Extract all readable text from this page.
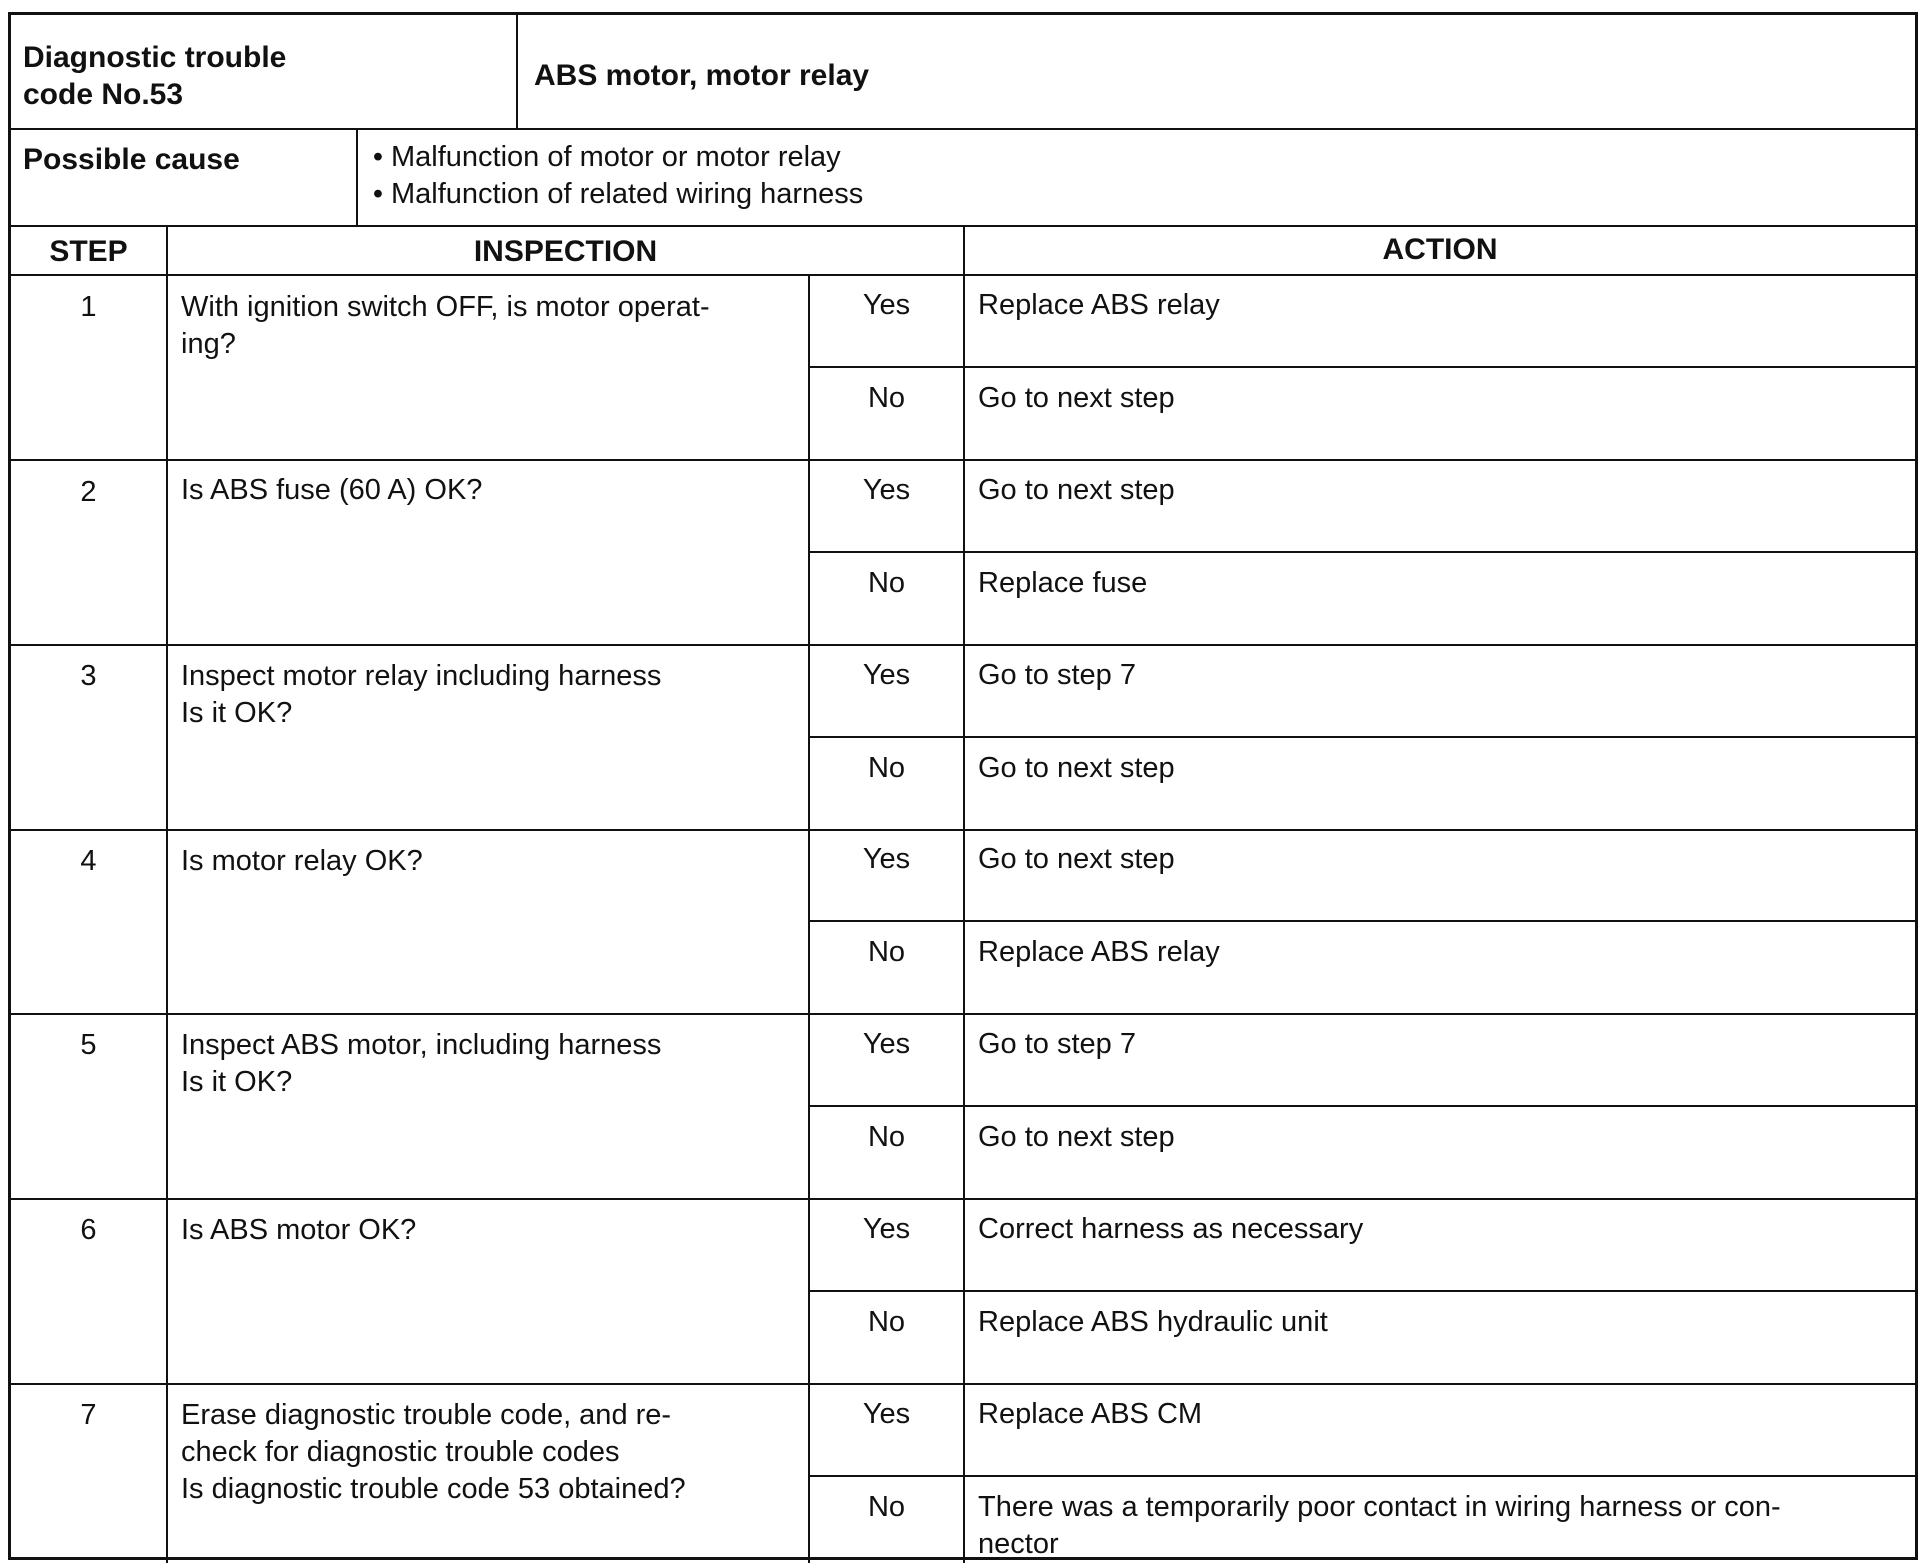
Diagnostic trouble
code No.53
ABS motor, motor relay
Possible cause
•	Malfunction of motor or motor relay
• Malfunction of related wiring harness
STEP	INSPECTION	ACTION
1	With ignition switch OFF, is motor operat-
ing?
Yes	Replace ABS relay
No	Go to next step
2	Is ABS fuse (60 A) OK?	Yes	Go to next step
No	Replace fuse
3	Inspect motor relay including harness
Is it OK?
Yes	Go to step 7
No	Go to next step
4	Is motor relay OK?	Yes	Go to next step
No	Replace ABS relay
5	Inspect ABS motor, including harness
Is it OK?
Yes	Go to step 7
No	Go to next step
6	Is ABS motor OK?	Yes	Correct harness as necessary
No	Replace ABS hydraulic unit
7	Erase diagnostic trouble code, and re-
check for diagnostic trouble codes
Is diagnostic trouble code 53 obtained?
Yes	Replace ABS CM
No	There was a temporarily poor contact in wiring harness or con-
nector
